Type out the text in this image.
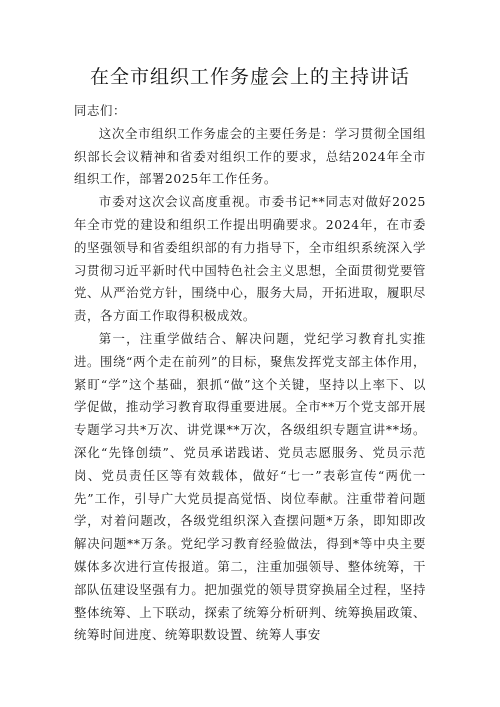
在全市组织工作务虚会上的主持讲话

同志们：

这次全市组织工作务虚会的主要任务是：学习贯彻全国组织部长会议精神和省委对组织工作的要求，总结2024年全市组织工作，部署2025年工作任务。

市委对这次会议高度重视。市委书记**同志对做好2025年全市党的建设和组织工作提出明确要求。2024年，在市委的坚强领导和省委组织部的有力指导下，全市组织系统深入学习贯彻习近平新时代中国特色社会主义思想，全面贯彻党要管党、从严治党方针，围绕中心，服务大局，开拓进取，履职尽责，各方面工作取得积极成效。

第一，注重学做结合、解决问题，党纪学习教育扎实推进。围绕“两个走在前列”的目标，聚焦发挥党支部主体作用，紧盯“学”这个基础，狠抓“做”这个关键，坚持以上率下、以学促做，推动学习教育取得重要进展。全市**万个党支部开展专题学习共*万次、讲党课**万次，各级组织专题宣讲**场。深化“先锋创绩”、党员承诺践诺、党员志愿服务、党员示范岗、党员责任区等有效载体，做好“七一”表彰宣传“两优一先”工作，引导广大党员提高觉悟、岗位奉献。注重带着问题学，对着问题改，各级党组织深入查摆问题*万条，即知即改解决问题**万条。党纪学习教育经验做法，得到*等中央主要媒体多次进行宣传报道。第二，注重加强领导、整体统筹，干部队伍建设坚强有力。把加强党的领导贯穿换届全过程，坚持整体统筹、上下联动，探索了统筹分析研判、统筹换届政策、统筹时间进度、统筹职数设置、统筹人事安
